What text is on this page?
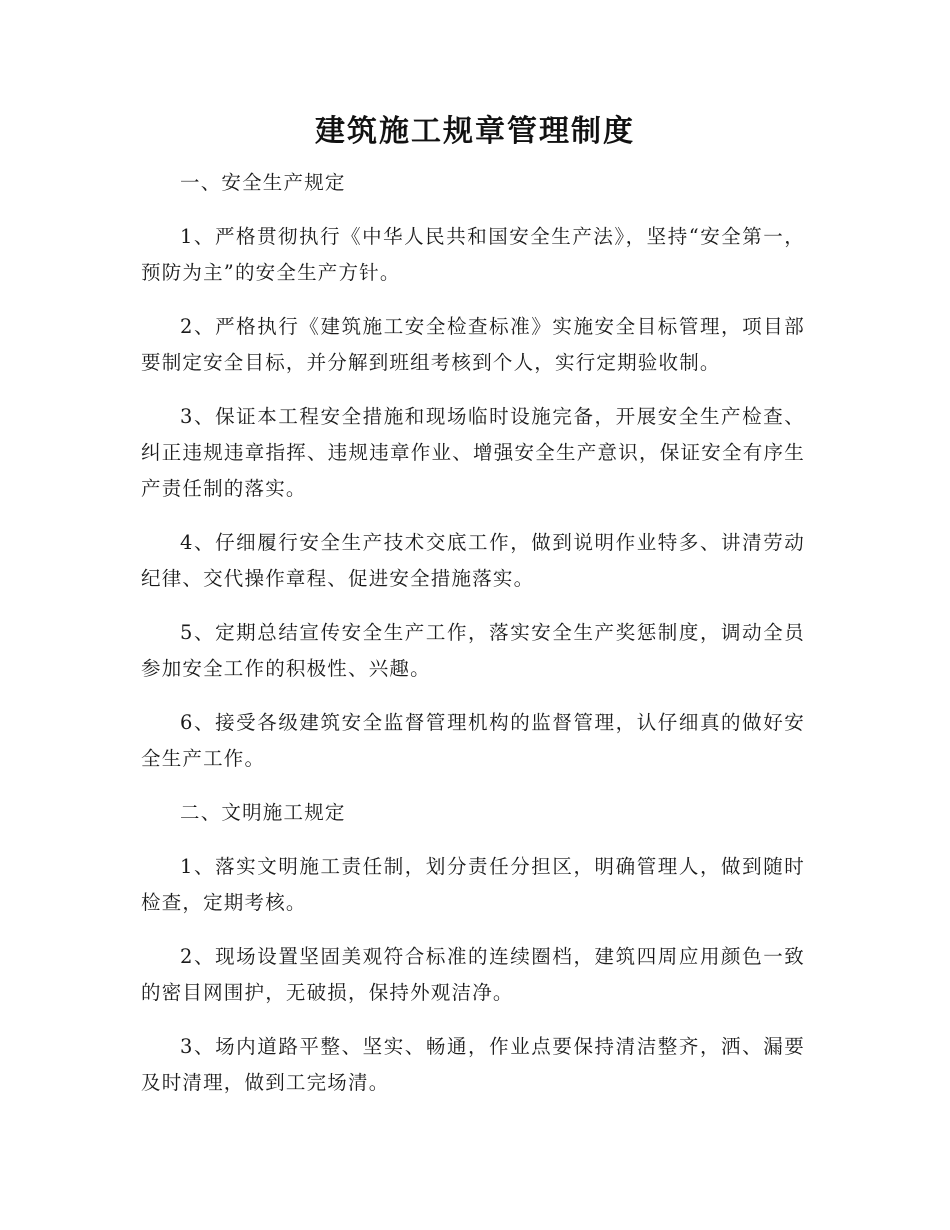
建筑施工规章管理制度

一、安全生产规定

1、严格贯彻执行《中华人民共和国安全生产法》，坚持“安全第一，预防为主”的安全生产方针。

2、严格执行《建筑施工安全检查标准》实施安全目标管理，项目部要制定安全目标，并分解到班组考核到个人，实行定期验收制。

3、保证本工程安全措施和现场临时设施完备，开展安全生产检查、纠正违规违章指挥、违规违章作业、增强安全生产意识，保证安全有序生产责任制的落实。

4、仔细履行安全生产技术交底工作，做到说明作业特多、讲清劳动纪律、交代操作章程、促进安全措施落实。

5、定期总结宣传安全生产工作，落实安全生产奖惩制度，调动全员参加安全工作的积极性、兴趣。

6、接受各级建筑安全监督管理机构的监督管理，认仔细真的做好安全生产工作。

二、文明施工规定

1、落实文明施工责任制，划分责任分担区，明确管理人，做到随时检查，定期考核。

2、现场设置坚固美观符合标准的连续圈档，建筑四周应用颜色一致的密目网围护，无破损，保持外观洁净。

3、场内道路平整、坚实、畅通，作业点要保持清洁整齐，洒、漏要及时清理，做到工完场清。
